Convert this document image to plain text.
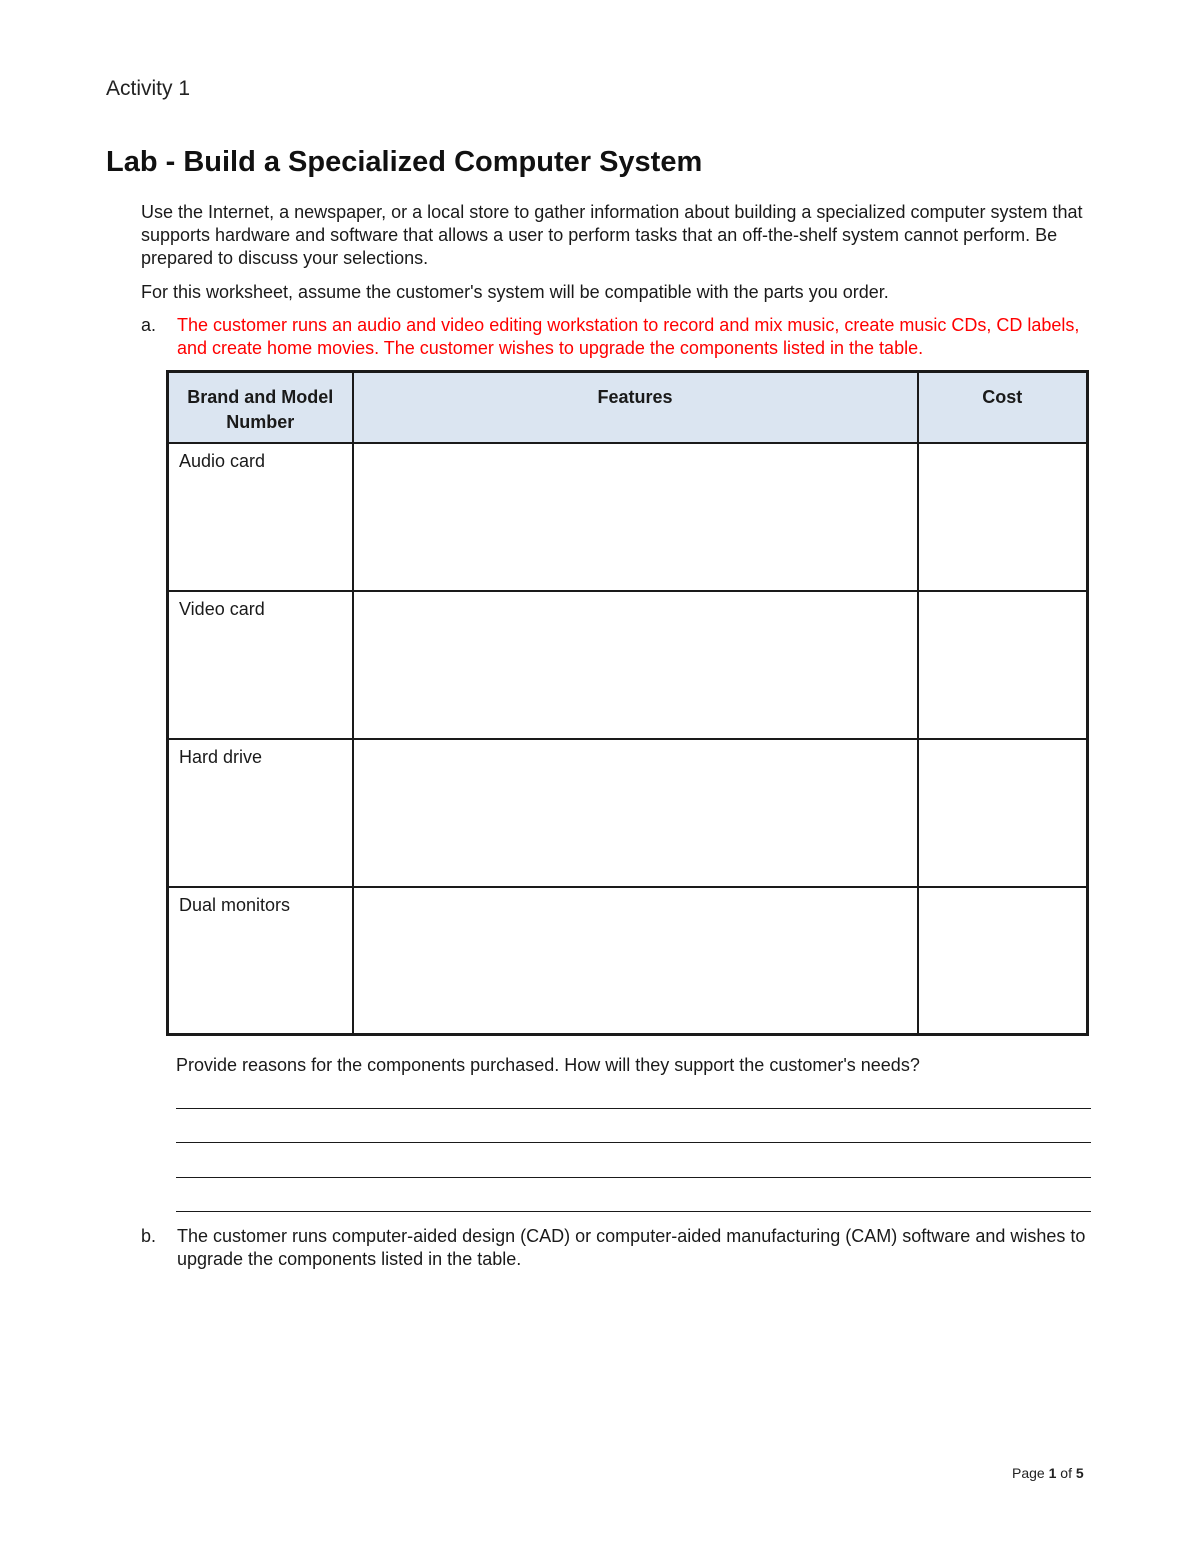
Activity 1
Lab - Build a Specialized Computer System

Use the Internet, a newspaper, or a local store to gather information about building a specialized computer system that supports hardware and software that allows a user to perform tasks that an off-the-shelf system cannot perform. Be prepared to discuss your selections.

For this worksheet, assume the customer's system will be compatible with the parts you order.

a. The customer runs an audio and video editing workstation to record and mix music, create music CDs, CD labels, and create home movies. The customer wishes to upgrade the components listed in the table.
Brand and Model Number	Features	Cost
Audio card		
Video card		
Hard drive		
Dual monitors		
Provide reasons for the components purchased. How will they support the customer's needs?
b. The customer runs computer-aided design (CAD) or computer-aided manufacturing (CAM) software and wishes to upgrade the components listed in the table.
Page 1 of 5
